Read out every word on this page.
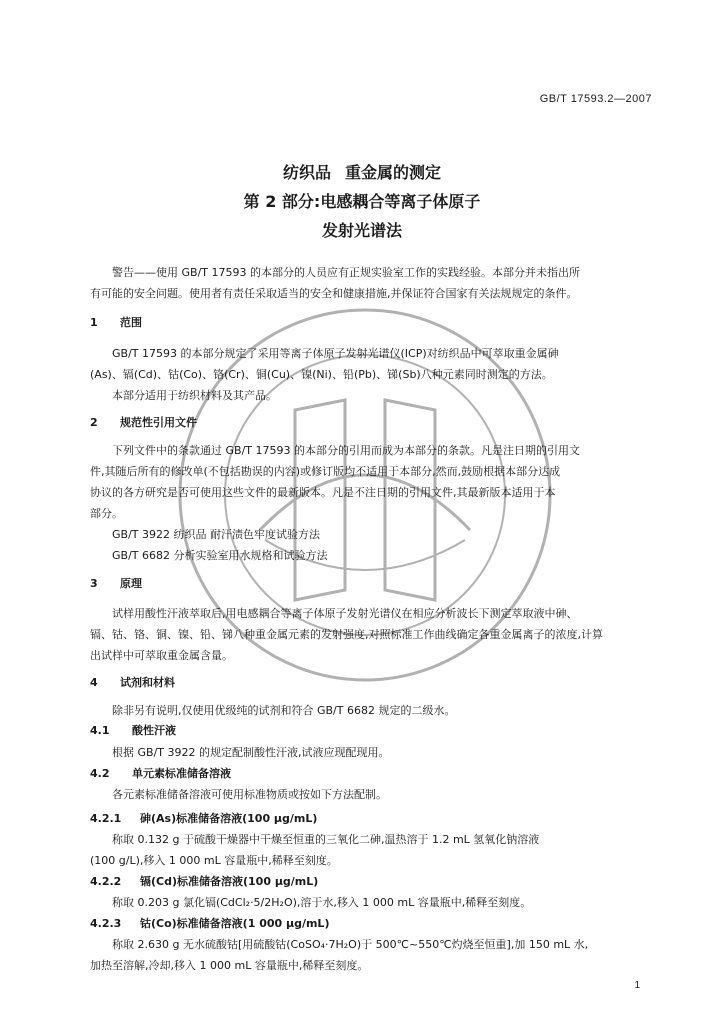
GB/T 17593.2—2007
纺织品 重金属的测定
第 2 部分:电感耦合等离子体原子
发射光谱法
警告——使用 GB/T 17593 的本部分的人员应有正规实验室工作的实践经验。本部分并未指出所
有可能的安全问题。使用者有责任采取适当的安全和健康措施,并保证符合国家有关法规规定的条件。
1 范围
GB/T 17593 的本部分规定了采用等离子体原子发射光谱仪(ICP)对纺织品中可萃取重金属砷
(As)、镉(Cd)、钴(Co)、铬(Cr)、铜(Cu)、镍(Ni)、铅(Pb)、锑(Sb)八种元素同时测定的方法。
本部分适用于纺织材料及其产品。
2 规范性引用文件
下列文件中的条款通过 GB/T 17593 的本部分的引用而成为本部分的条款。凡是注日期的引用文
件,其随后所有的修改单(不包括勘误的内容)或修订版均不适用于本部分,然而,鼓励根据本部分达成
协议的各方研究是否可使用这些文件的最新版本。凡是不注日期的引用文件,其最新版本适用于本
部分。
GB/T 3922 纺织品 耐汗渍色牢度试验方法
GB/T 6682 分析实验室用水规格和试验方法
3 原理
试样用酸性汗液萃取后,用电感耦合等离子体原子发射光谱仪在相应分析波长下测定萃取液中砷、
镉、钴、铬、铜、镍、铅、锑八种重金属元素的发射强度,对照标准工作曲线确定各重金属离子的浓度,计算
出试样中可萃取重金属含量。
4 试剂和材料
除非另有说明,仅使用优级纯的试剂和符合 GB/T 6682 规定的二级水。
4.1 酸性汗液
根据 GB/T 3922 的规定配制酸性汗液,试液应现配现用。
4.2 单元素标准储备溶液
各元素标准储备溶液可使用标准物质或按如下方法配制。
4.2.1 砷(As)标准储备溶液(100 μg/mL)
称取 0.132 g 于硫酸干燥器中干燥至恒重的三氧化二砷,温热溶于 1.2 mL 氢氧化钠溶液
(100 g/L),移入 1 000 mL 容量瓶中,稀释至刻度。
4.2.2 镉(Cd)标准储备溶液(100 μg/mL)
称取 0.203 g 氯化镉(CdCl₂·5/2H₂O),溶于水,移入 1 000 mL 容量瓶中,稀释至刻度。
4.2.3 钴(Co)标准储备溶液(1 000 μg/mL)
称取 2.630 g 无水硫酸钴[用硫酸钴(CoSO₄·7H₂O)于 500℃~550℃灼烧至恒重],加 150 mL 水,
加热至溶解,冷却,移入 1 000 mL 容量瓶中,稀释至刻度。
1
